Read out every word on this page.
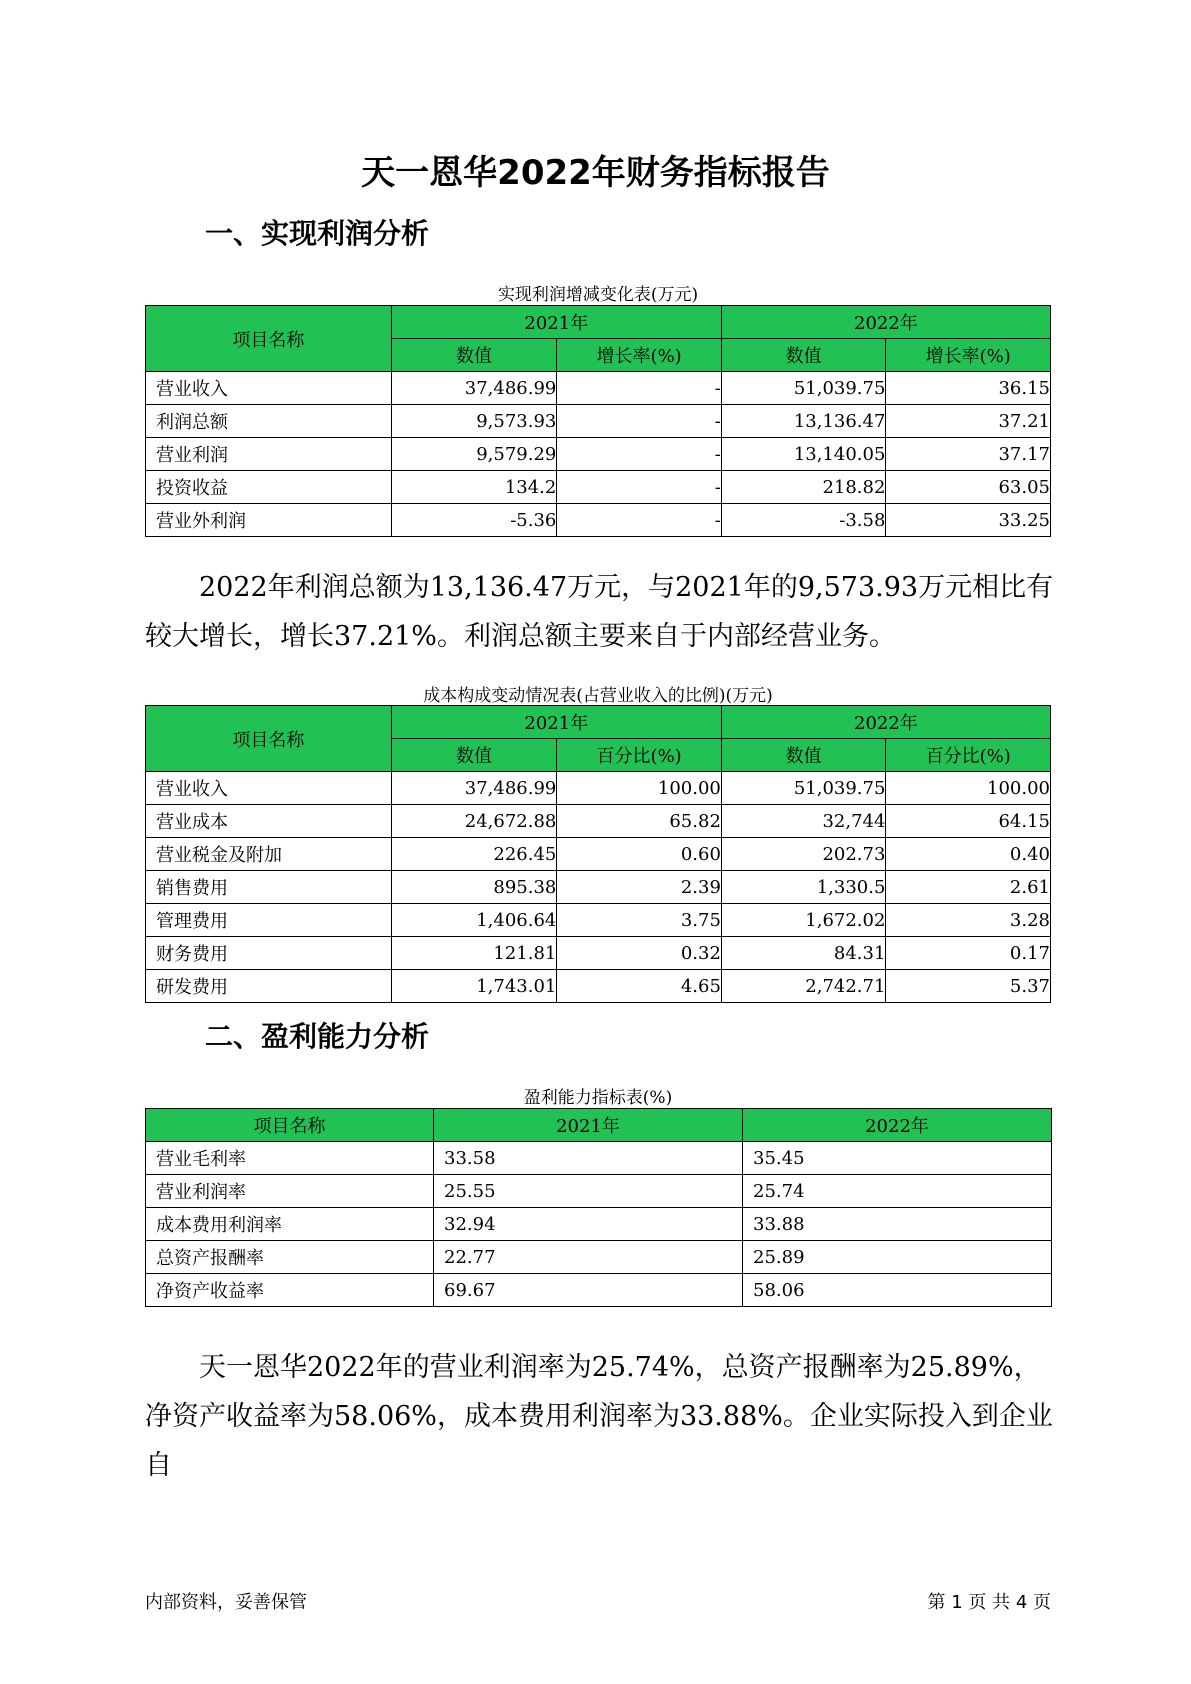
天一恩华2022年财务指标报告
一、实现利润分析
实现利润增减变化表(万元)
项目名称	2021年		2022年	
	数值	增长率(%)	数值	增长率(%)
营业收入	37,486.99	-	51,039.75	36.15
利润总额	9,573.93	-	13,136.47	37.21
营业利润	9,579.29	-	13,140.05	37.17
投资收益	134.2	-	218.82	63.05
营业外利润	-5.36	-	-3.58	33.25

2022年利润总额为13,136.47万元，与2021年的9,573.93万元相比有较大增长，增长37.21%。利润总额主要来自于内部经营业务。

成本构成变动情况表(占营业收入的比例)(万元)
项目名称	2021年		2022年	
	数值	百分比(%)	数值	百分比(%)
营业收入	37,486.99	100.00	51,039.75	100.00
营业成本	24,672.88	65.82	32,744	64.15
营业税金及附加	226.45	0.60	202.73	0.40
销售费用	895.38	2.39	1,330.5	2.61
管理费用	1,406.64	3.75	1,672.02	3.28
财务费用	121.81	0.32	84.31	0.17
研发费用	1,743.01	4.65	2,742.71	5.37
二、盈利能力分析
盈利能力指标表(%)
项目名称	2021年	2022年
营业毛利率	33.58	35.45
营业利润率	25.55	25.74
成本费用利润率	32.94	33.88
总资产报酬率	22.77	25.89
净资产收益率	69.67	58.06

天一恩华2022年的营业利润率为25.74%，总资产报酬率为25.89%，净资产收益率为58.06%，成本费用利润率为33.88%。企业实际投入到企业自

内部资料，妥善保管	第 1 页 共 4 页
